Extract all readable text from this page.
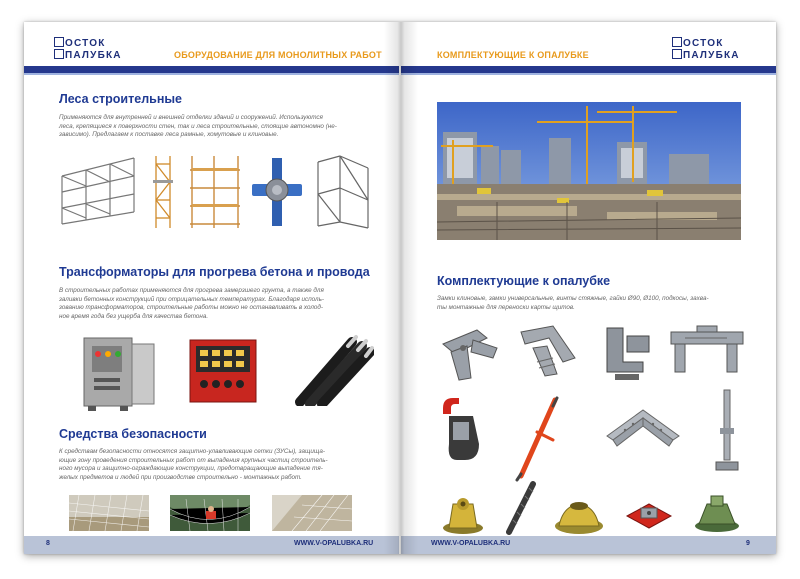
ОСТОК
ПАЛУБКА	ОБОРУДОВАНИЕ ДЛЯ МОНОЛИТНЫХ РАБОТ
Леса строительные
Применяются для внутренней и внешней отделки зданий и сооружений. Используются
леса, крепящиеся к поверхности стен, так и леса строительные, стоящие автономно (не-
зависимо). Предлагаем к поставке леса рамные, хомутовые и клиновые.
Трансформаторы для прогрева бетона и провода
В строительных работах применяются для прогрева замерзшего грунта, а также для
заливки бетонных конструкций при отрицательных температурах. Благодаря исполь-
зованию трансформаторов, строительные работы можно не останавливать в холод-
ное время года без ущерба для качества бетона.
Средства безопасности
К средствам безопасности относятся защитно-улавливающие сетки (ЗУСы), защища-
ющие зону проведения строительных работ от выпадения крупных частиц строитель-
ного мусора и защитно-ограждающие конструкции, предотвращающие выпадение тя-
желых предметов и людей при производстве строительно - монтажных работ.
8	WWW.V-OPALUBKA.RU
КОМПЛЕКТУЮЩИЕ К ОПАЛУБКЕ
ОСТОК
ПАЛУБКА
Комплектующие к опалубке
Замки клиновые, замки универсальные, винты стяжные, гайки Ø90, Ø100, подкосы, захва-
ты монтажные для переноски карты щитов.
WWW.V-OPALUBKA.RU	9
